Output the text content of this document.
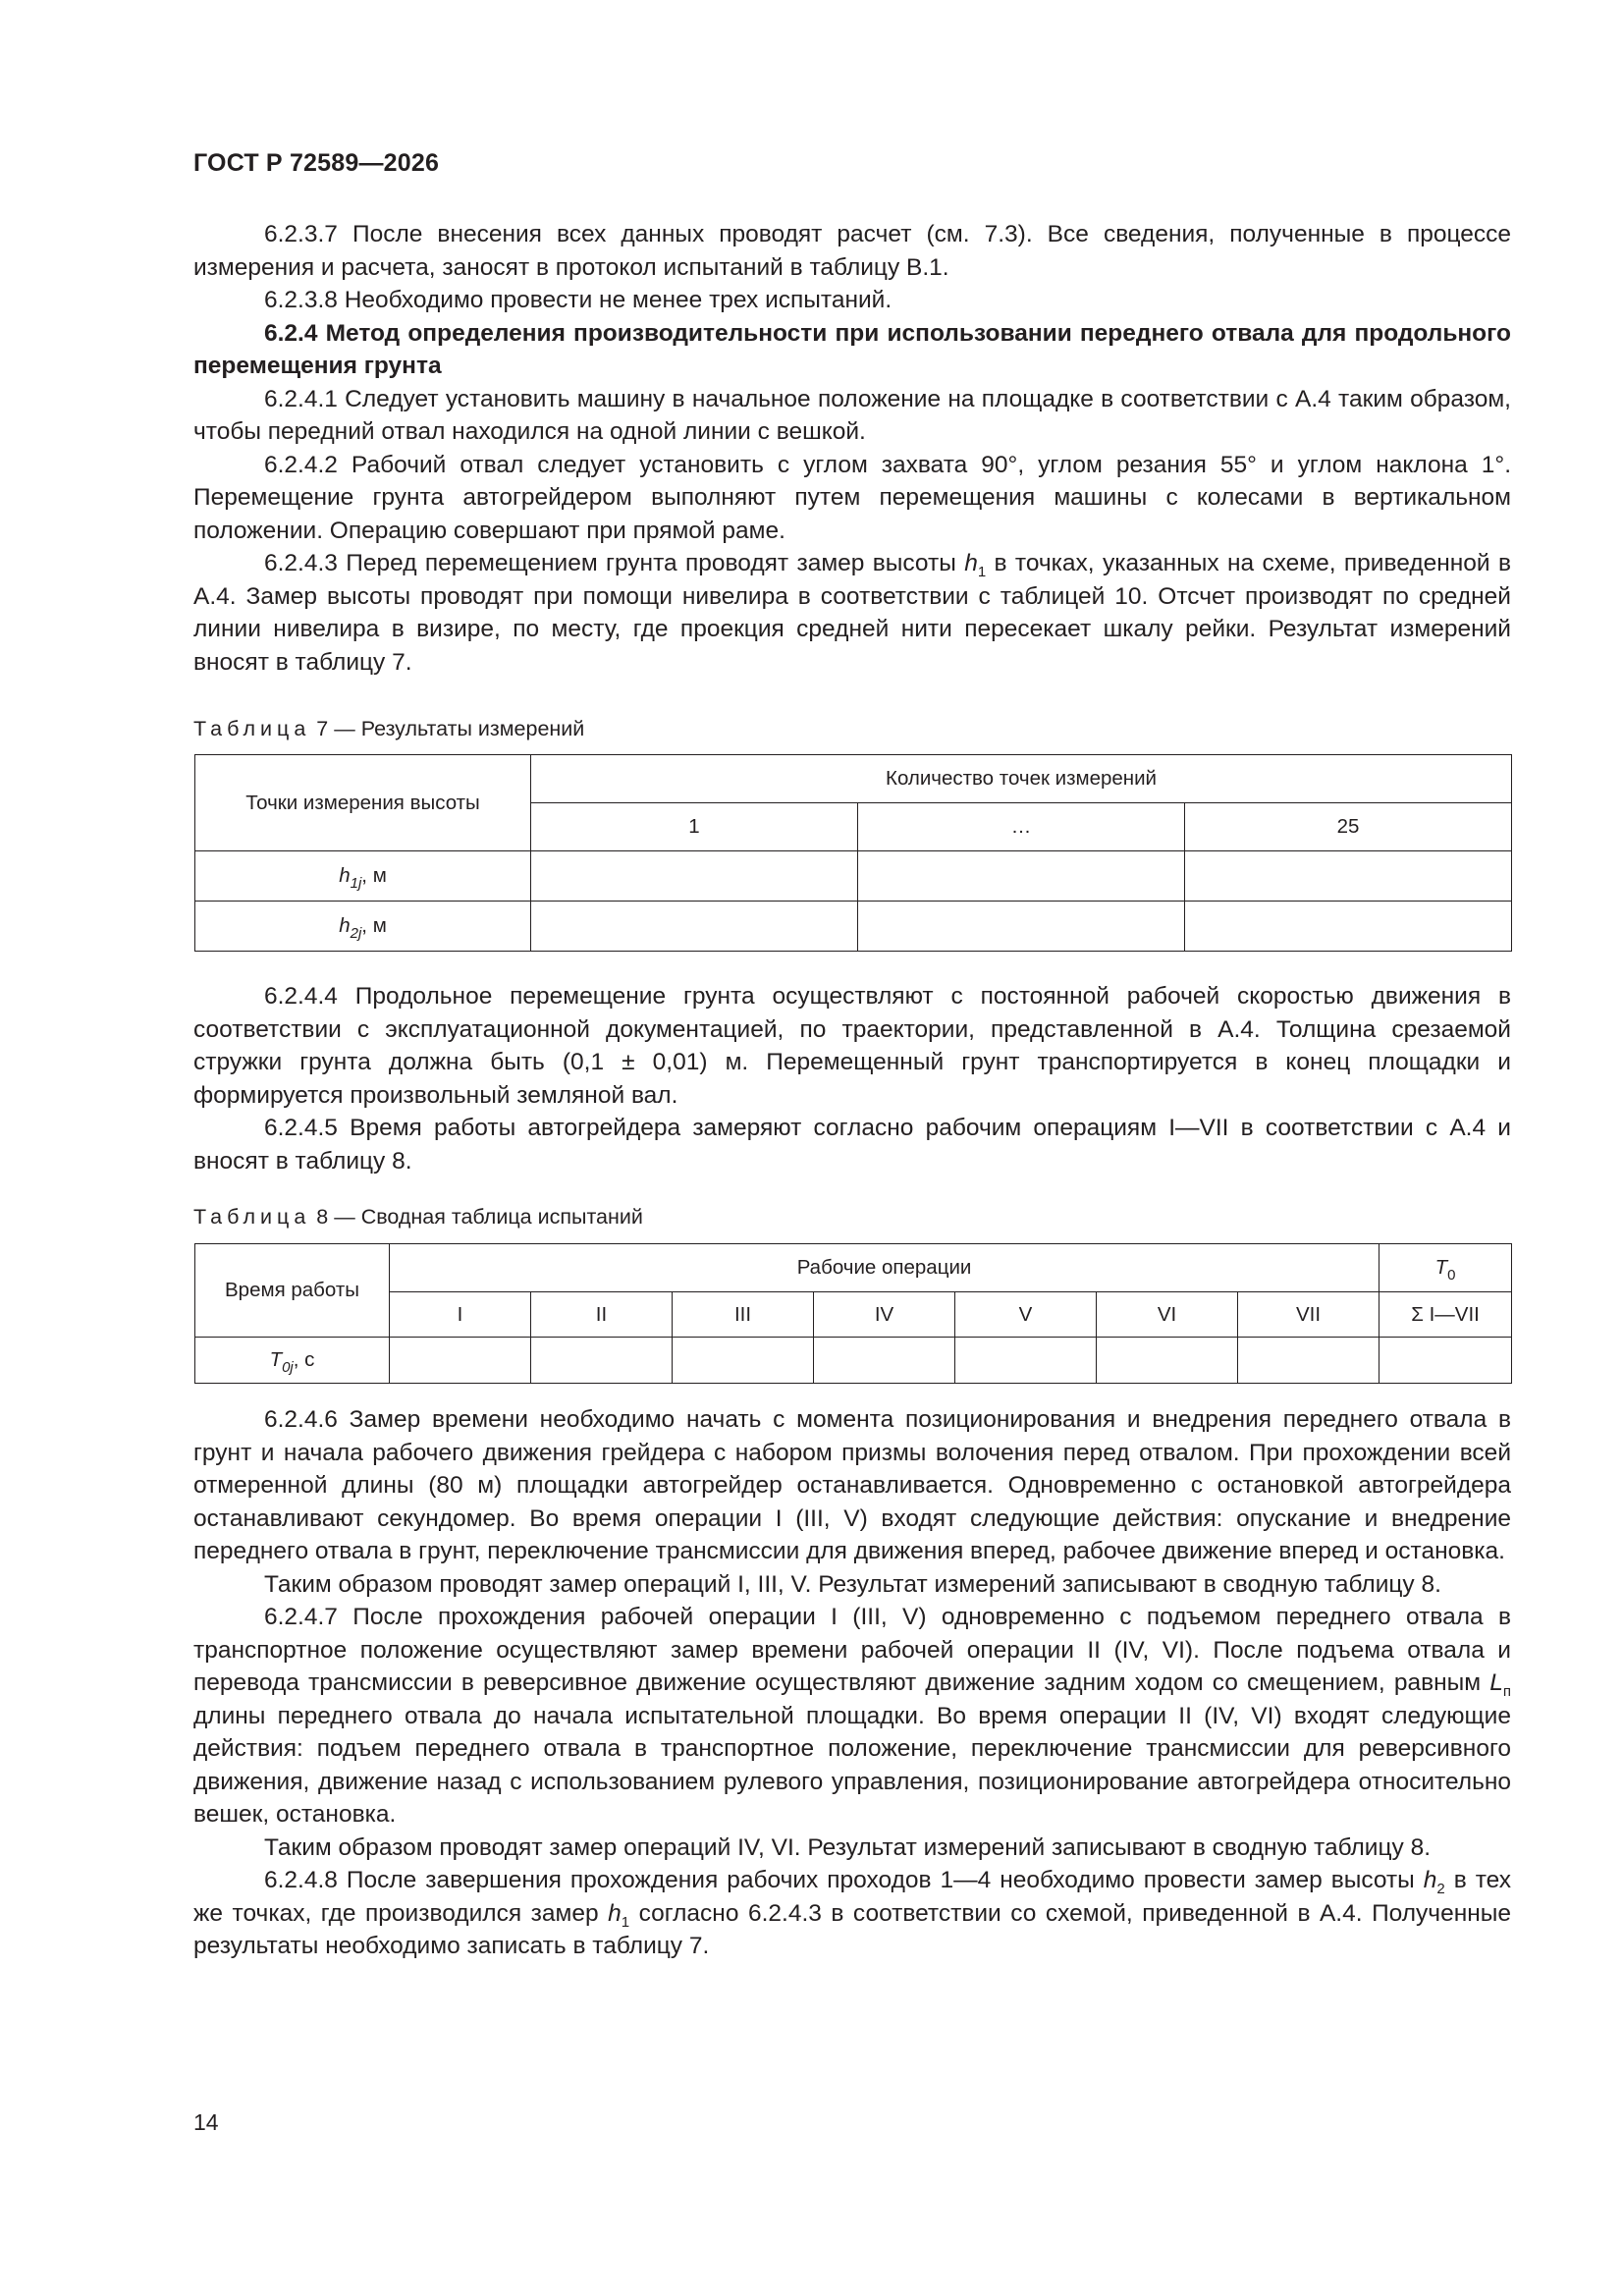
ГОСТ Р 72589—2026

6.2.3.7 После внесения всех данных проводят расчет (см. 7.3). Все сведения, полученные в процессе измерения и расчета, заносят в протокол испытаний в таблицу В.1.

6.2.3.8 Необходимо провести не менее трех испытаний.

6.2.4 Метод определения производительности при использовании переднего отвала для продольного перемещения грунта

6.2.4.1 Следует установить машину в начальное положение на площадке в соответствии с А.4 таким образом, чтобы передний отвал находился на одной линии с вешкой.

6.2.4.2 Рабочий отвал следует установить с углом захвата 90°, углом резания 55° и углом наклона 1°. Перемещение грунта автогрейдером выполняют путем перемещения машины с колесами в вертикальном положении. Операцию совершают при прямой раме.

6.2.4.3 Перед перемещением грунта проводят замер высоты $h_1$ в точках, указанных на схеме, приведенной в А.4. Замер высоты проводят при помощи нивелира в соответствии с таблицей 10. Отсчет производят по средней линии нивелира в визире, по месту, где проекция средней нити пересекает шкалу рейки. Результат измерений вносят в таблицу 7.

Таблица 7 — Результаты измерений
Точки измерения высоты	Количество точек измерений		
	1	…	25
$h_{1j}$, м			
$h_{2j}$, м			

6.2.4.4 Продольное перемещение грунта осуществляют с постоянной рабочей скоростью движения в соответствии с эксплуатационной документацией, по траектории, представленной в А.4. Толщина срезаемой стружки грунта должна быть (0,1 ± 0,01) м. Перемещенный грунт транспортируется в конец площадки и формируется произвольный земляной вал.

6.2.4.5 Время работы автогрейдера замеряют согласно рабочим операциям I—VII в соответствии с А.4 и вносят в таблицу 8.

Таблица 8 — Сводная таблица испытаний
Время работы	Рабочие операции							$T_0$
	I	II	III	IV	V	VI	VII	Σ I—VII
$T_{0j}$, с								

6.2.4.6 Замер времени необходимо начать с момента позиционирования и внедрения переднего отвала в грунт и начала рабочего движения грейдера с набором призмы волочения перед отвалом. При прохождении всей отмеренной длины (80 м) площадки автогрейдер останавливается. Одновременно с остановкой автогрейдера останавливают секундомер. Во время операции I (III, V) входят следующие действия: опускание и внедрение переднего отвала в грунт, переключение трансмиссии для движения вперед, рабочее движение вперед и остановка.

Таким образом проводят замер операций I, III, V. Результат измерений записывают в сводную таблицу 8.

6.2.4.7 После прохождения рабочей операции I (III, V) одновременно с подъемом переднего отвала в транспортное положение осуществляют замер времени рабочей операции II (IV, VI). После подъема отвала и перевода трансмиссии в реверсивное движение осуществляют движение задним ходом со смещением, равным $L_п$ длины переднего отвала до начала испытательной площадки. Во время операции II (IV, VI) входят следующие действия: подъем переднего отвала в транспортное положение, переключение трансмиссии для реверсивного движения, движение назад с использованием рулевого управления, позиционирование автогрейдера относительно вешек, остановка.

Таким образом проводят замер операций IV, VI. Результат измерений записывают в сводную таблицу 8.

6.2.4.8 После завершения прохождения рабочих проходов 1—4 необходимо провести замер высоты $h_2$ в тех же точках, где производился замер $h_1$ согласно 6.2.4.3 в соответствии со схемой, приведенной в А.4. Полученные результаты необходимо записать в таблицу 7.

14
